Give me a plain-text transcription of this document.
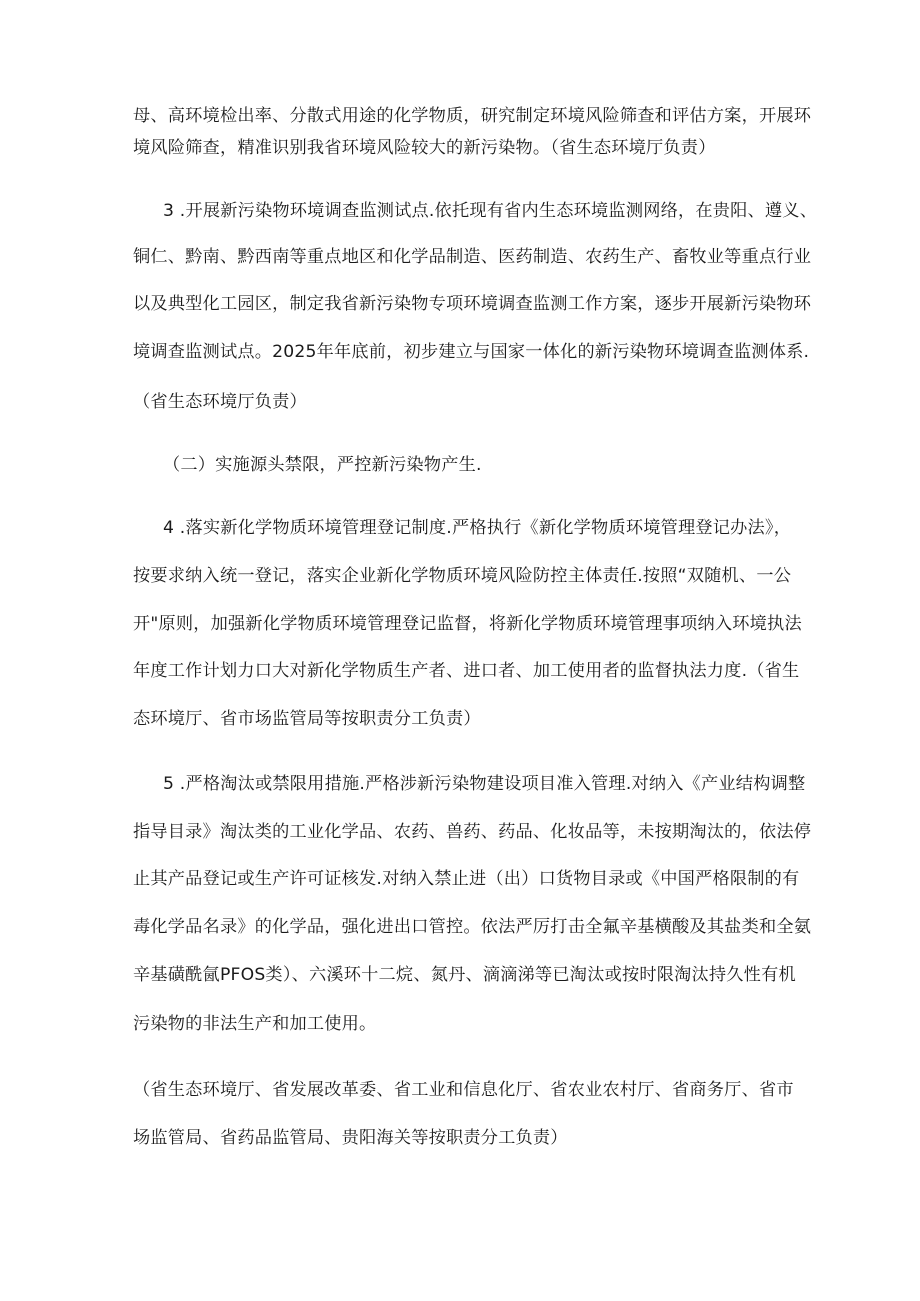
母、高环境检出率、分散式用途的化学物质，研究制定环境风险筛查和评估方案，开展环
境风险筛查，精准识别我省环境风险较大的新污染物。（省生态环境厅负责）
3 .开展新污染物环境调查监测试点.依托现有省内生态环境监测网络，在贵阳、遵义、
铜仁、黔南、黔西南等重点地区和化学品制造、医药制造、农药生产、畜牧业等重点行业
以及典型化工园区，制定我省新污染物专项环境调查监测工作方案，逐步开展新污染物环
境调查监测试点。2025年年底前，初步建立与国家一体化的新污染物环境调查监测体系.
（省生态环境厅负责）
（二）实施源头禁限，严控新污染物产生.
4 .落实新化学物质环境管理登记制度.严格执行《新化学物质环境管理登记办法》，
按要求纳入统一登记，落实企业新化学物质环境风险防控主体责任.按照“双随机、一公
开"原则，加强新化学物质环境管理登记监督，将新化学物质环境管理事项纳入环境执法
年度工作计划力口大对新化学物质生产者、进口者、加工使用者的监督执法力度.（省生
态环境厅、省市场监管局等按职责分工负责）
5 .严格淘汰或禁限用措施.严格涉新污染物建设项目准入管理.对纳入《产业结构调整
指导目录》淘汰类的工业化学品、农药、兽药、药品、化妆品等，未按期淘汰的，依法停
止其产品登记或生产许可证核发.对纳入禁止进（出）口货物目录或《中国严格限制的有
毒化学品名录》的化学品，强化进出口管控。依法严厉打击全氟辛基横酸及其盐类和全氨
辛基磺酰氤PFOS类）、六溪环十二烷、氮丹、滴滴涕等已淘汰或按时限淘汰持久性有机
污染物的非法生产和加工使用。
（省生态环境厅、省发展改革委、省工业和信息化厅、省农业农村厅、省商务厅、省市
场监管局、省药品监管局、贵阳海关等按职责分工负责）
